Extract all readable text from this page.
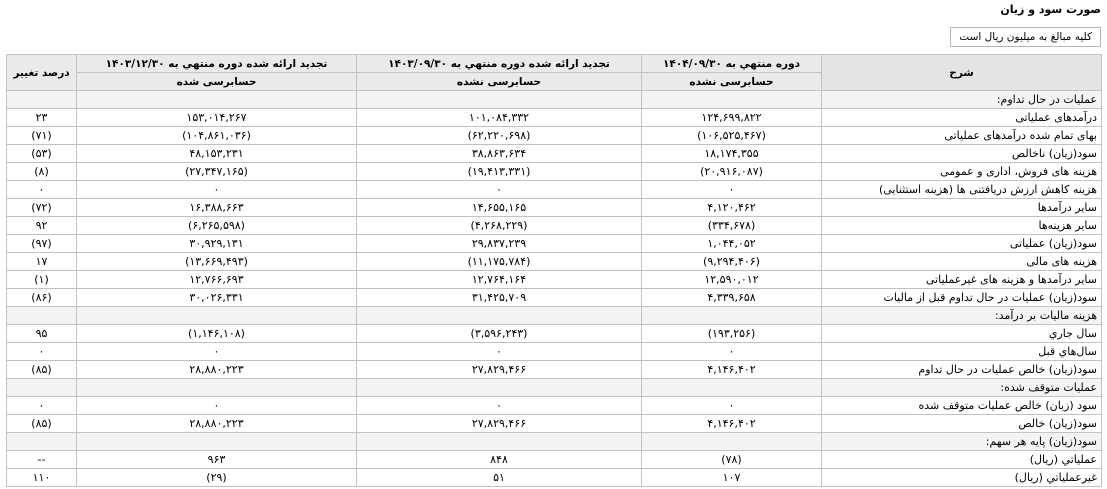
صورت سود و زیان
کلیه مبالغ به میلیون ریال است
شرح	دوره منتهي به ۱۴۰۴/۰۹/۳۰	تجدید ارائه شده دوره منتهي به ۱۴۰۳/۰۹/۳۰	تجدید ارائه شده دوره منتهي به ۱۴۰۳/۱۲/۳۰	درصد تغییر
	حسابرسی نشده	حسابرسی نشده	حسابرسی شده	
عملیات در حال تداوم:				
درآمدهای عملیاتی	۱۲۴,۶۹۹,۸۲۲	۱۰۱,۰۸۴,۳۳۲	۱۵۳,۰۱۴,۲۶۷	۲۳
بهاى تمام شده درآمدهای عملیاتی	(۱۰۶,۵۲۵,۴۶۷)	(۶۲,۲۲۰,۶۹۸)	(۱۰۴,۸۶۱,۰۳۶)	(۷۱)
سود(زیان) ناخالص	۱۸,۱۷۴,۳۵۵	۳۸,۸۶۳,۶۳۴	۴۸,۱۵۳,۲۳۱	(۵۳)
هزینه های فروش، اداری و عمومی	(۲۰,۹۱۶,۰۸۷)	(۱۹,۴۱۳,۳۳۱)	(۲۷,۳۴۷,۱۶۵)	(۸)
هزینه کاهش ارزش دریافتنی ها (هزینه استثنایی)	۰	۰	۰	۰
سایر درآمدها	۴,۱۲۰,۴۶۲	۱۴,۶۵۵,۱۶۵	۱۶,۳۸۸,۶۶۳	(۷۲)
سایر هزینه‌ها	(۳۳۴,۶۷۸)	(۴,۲۶۸,۲۲۹)	(۶,۲۶۵,۵۹۸)	۹۲
سود(زیان) عملیاتی	۱,۰۴۴,۰۵۲	۲۹,۸۳۷,۲۳۹	۳۰,۹۲۹,۱۳۱	(۹۷)
هزینه های مالی	(۹,۲۹۴,۴۰۶)	(۱۱,۱۷۵,۷۸۴)	(۱۳,۶۶۹,۴۹۳)	۱۷
سایر درآمدها و هزینه های غیرعملیاتی	۱۲,۵۹۰,۰۱۲	۱۲,۷۶۴,۱۶۴	۱۲,۷۶۶,۶۹۳	(۱)
سود(زیان) عملیات در حال تداوم قبل از مالیات	۴,۳۳۹,۶۵۸	۳۱,۴۲۵,۷۰۹	۳۰,۰۲۶,۳۳۱	(۸۶)
هزینه مالیات بر درآمد:				
سال جاري	(۱۹۳,۲۵۶)	(۳,۵۹۶,۲۴۳)	(۱,۱۴۶,۱۰۸)	۹۵
سال‌هاي قبل	۰	۰	۰	۰
سود(زیان) خالص عملیات در حال تداوم	۴,۱۴۶,۴۰۲	۲۷,۸۲۹,۴۶۶	۲۸,۸۸۰,۲۲۳	(۸۵)
عملیات متوقف شده:				
سود (زیان) خالص عملیات متوقف شده	۰	۰	۰	۰
سود(زیان) خالص	۴,۱۴۶,۴۰۲	۲۷,۸۲۹,۴۶۶	۲۸,۸۸۰,۲۲۳	(۸۵)
سود(زیان) پایه هر سهم:				
عملیاتي (ریال)	(۷۸)	۸۴۸	۹۶۳	--
غیرعملیاتي (ریال)	۱۰۷	۵۱	(۲۹)	۱۱۰
